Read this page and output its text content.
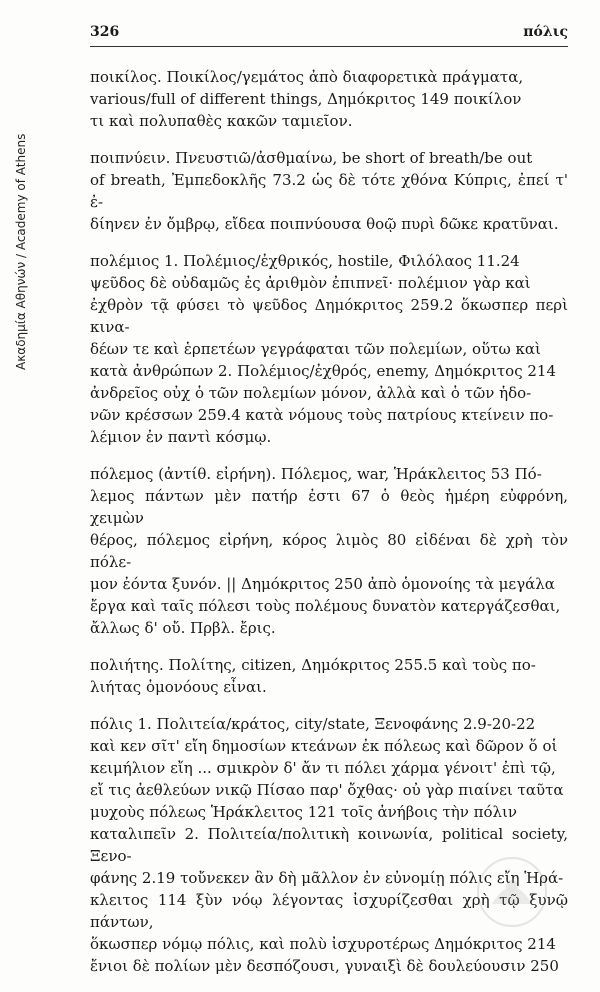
326	πόλις
Ακαδημία Αθηνών / Academy of Athens
ποικίλος. Ποικίλος/γεμάτος ἀπὸ διαφορετικὰ πράγματα,
various/full of different things, Δημόκριτος 149 ποικίλον
τι καὶ πολυπαθὲς κακῶν ταμιεῖον.
ποιπνύειν. Πνευστιῶ/ἀσθμαίνω, be short of breath/be out
of breath, Ἐμπεδοκλῆς 73.2 ὡς δὲ τότε χθόνα Κύπρις, ἐπεί τ' ἐ-
δίηνεν ἐν ὄμβρῳ, εἴδεα ποιπνύουσα θοῷ πυρὶ δῶκε κρατῦναι.
πολέμιος 1. Πολέμιος/ἐχθρικός, hostile, Φιλόλαος 11.24
ψεῦδος δὲ οὐδαμῶς ἐς ἀριθμὸν ἐπιπνεῖ· πολέμιον γὰρ καὶ
ἐχθρὸν τᾷ φύσει τὸ ψεῦδος Δημόκριτος 259.2 ὅκωσπερ περὶ κινα-
δέων τε καὶ ἑρπετέων γεγράφαται τῶν πολεμίων, οὕτω καὶ
κατὰ ἀνθρώπων 2. Πολέμιος/ἐχθρός, enemy, Δημόκριτος 214
ἀνδρεῖος οὐχ ὁ τῶν πολεμίων μόνον, ἀλλὰ καὶ ὁ τῶν ἡδο-
νῶν κρέσσων 259.4 κατὰ νόμους τοὺς πατρίους κτείνειν πο-
λέμιον ἐν παντὶ κόσμῳ.
πόλεμος (ἀντίθ. εἰρήνη). Πόλεμος, war, Ἡράκλειτος 53 Πό-
λεμος πάντων μὲν πατήρ ἐστι 67 ὁ θεὸς ἡμέρη εὐφρόνη, χειμὼν
θέρος, πόλεμος εἰρήνη, κόρος λιμὸς 80 εἰδέναι δὲ χρὴ τὸν πόλε-
μον ἐόντα ξυνόν. || Δημόκριτος 250 ἀπὸ ὁμονοίης τὰ μεγάλα
ἔργα καὶ ταῖς πόλεσι τοὺς πολέμους δυνατὸν κατεργάζεσθαι,
ἄλλως δ' οὔ. Πρβλ. ἔρις.
πολιήτης. Πολίτης, citizen, Δημόκριτος 255.5 καὶ τοὺς πο-
λιήτας ὁμονόους εἶναι.
πόλις 1. Πολιτεία/κράτος, city/state, Ξενοφάνης 2.9-20-22
καὶ κεν σῖτ' εἴη δημοσίων κτεάνων ἐκ πόλεως καὶ δῶρον ὅ οἱ
κειμήλιον εἴη ... σμικρὸν δ' ἄν τι πόλει χάρμα γένοιτ' ἐπὶ τῷ,
εἴ τις ἀεθλεύων νικῷ Πίσαο παρ' ὄχθας· οὐ γὰρ πιαίνει ταῦτα
μυχοὺς πόλεως Ἡράκλειτος 121 τοῖς ἀνήβοις τὴν πόλιν
καταλιπεῖν 2. Πολιτεία/πολιτικὴ κοινωνία, political society, Ξενο-
φάνης 2.19 τοὔνεκεν ἂν δὴ μᾶλλον ἐν εὐνομίῃ πόλις εἴη Ἡρά-
κλειτος 114 ξὺν νόῳ λέγοντας ἰσχυρίζεσθαι χρὴ τῷ ξυνῷ πάντων,
ὅκωσπερ νόμῳ πόλις, καὶ πολὺ ἰσχυροτέρως Δημόκριτος 214
ἔνιοι δὲ πολίων μὲν δεσπόζουσι, γυναιξὶ δὲ δουλεύουσιν 250
